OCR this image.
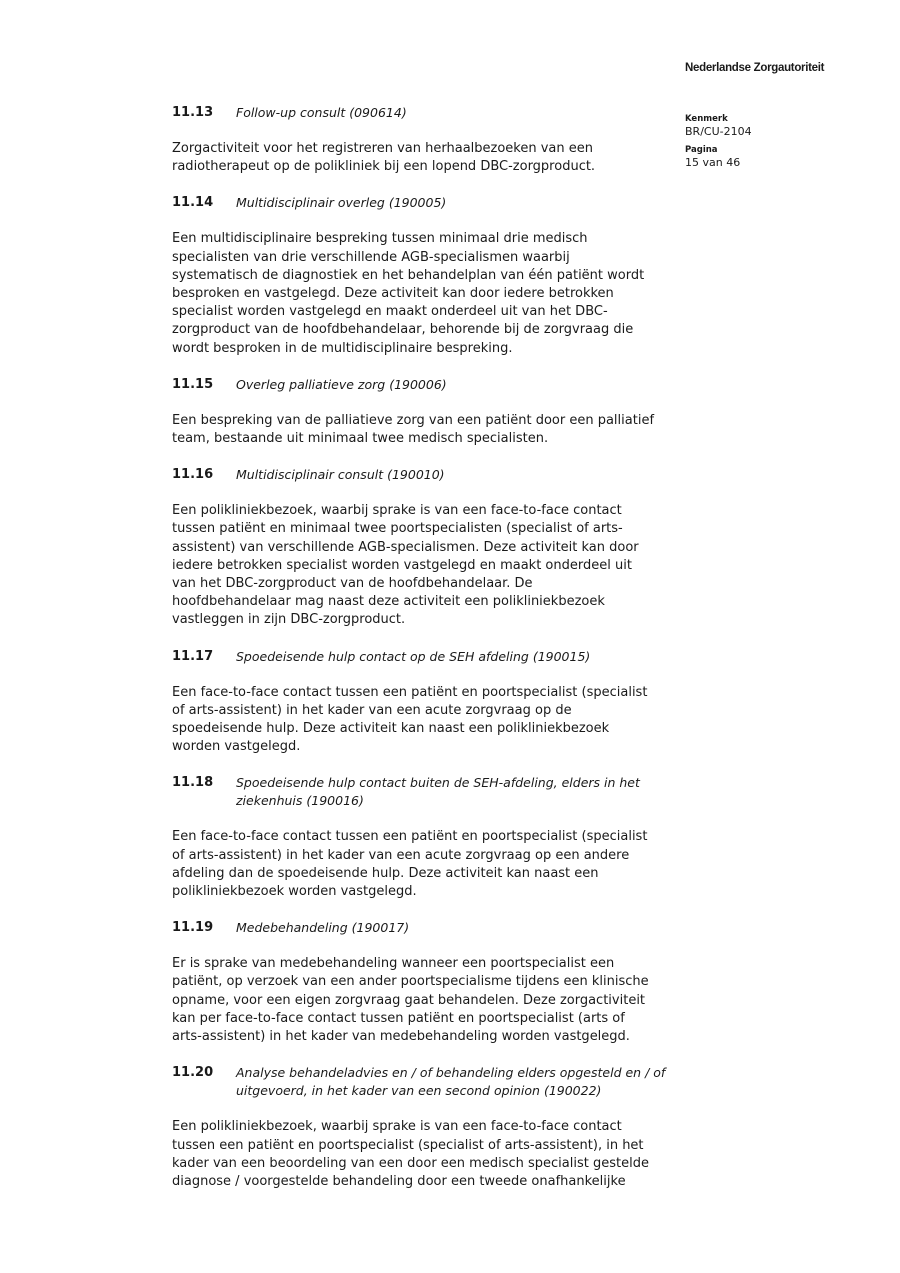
Nederlandse Zorgautoriteit
Kenmerk
BR/CU-2104
Pagina
15 van 46
11.13	Follow-up consult (090614)

Zorgactiviteit voor het registreren van herhaalbezoeken van een
radiotherapeut op de polikliniek bij een lopend DBC-zorgproduct.

11.14	Multidisciplinair overleg (190005)

Een multidisciplinaire bespreking tussen minimaal drie medisch
specialisten van drie verschillende AGB-specialismen waarbij
systematisch de diagnostiek en het behandelplan van één patiënt wordt
besproken en vastgelegd. Deze activiteit kan door iedere betrokken
specialist worden vastgelegd en maakt onderdeel uit van het DBC-
zorgproduct van de hoofdbehandelaar, behorende bij de zorgvraag die
wordt besproken in de multidisciplinaire bespreking.

11.15	Overleg palliatieve zorg (190006)

Een bespreking van de palliatieve zorg van een patiënt door een palliatief
team, bestaande uit minimaal twee medisch specialisten.

11.16	Multidisciplinair consult (190010)

Een polikliniekbezoek, waarbij sprake is van een face-to-face contact
tussen patiënt en minimaal twee poortspecialisten (specialist of arts-
assistent) van verschillende AGB-specialismen. Deze activiteit kan door
iedere betrokken specialist worden vastgelegd en maakt onderdeel uit
van het DBC-zorgproduct van de hoofdbehandelaar. De
hoofdbehandelaar mag naast deze activiteit een polikliniekbezoek
vastleggen in zijn DBC-zorgproduct.

11.17	Spoedeisende hulp contact op de SEH afdeling (190015)

Een face-to-face contact tussen een patiënt en poortspecialist (specialist
of arts-assistent) in het kader van een acute zorgvraag op de
spoedeisende hulp. Deze activiteit kan naast een polikliniekbezoek
worden vastgelegd.

11.18	Spoedeisende hulp contact buiten de SEH-afdeling, elders in het ziekenhuis (190016)

Een face-to-face contact tussen een patiënt en poortspecialist (specialist
of arts-assistent) in het kader van een acute zorgvraag op een andere
afdeling dan de spoedeisende hulp. Deze activiteit kan naast een
polikliniekbezoek worden vastgelegd.

11.19	Medebehandeling (190017)

Er is sprake van medebehandeling wanneer een poortspecialist een
patiënt, op verzoek van een ander poortspecialisme tijdens een klinische
opname, voor een eigen zorgvraag gaat behandelen. Deze zorgactiviteit
kan per face-to-face contact tussen patiënt en poortspecialist (arts of
arts-assistent) in het kader van medebehandeling worden vastgelegd.

11.20	Analyse behandeladvies en / of behandeling elders opgesteld en / of uitgevoerd, in het kader van een second opinion (190022)

Een polikliniekbezoek, waarbij sprake is van een face-to-face contact
tussen een patiënt en poortspecialist (specialist of arts-assistent), in het
kader van een beoordeling van een door een medisch specialist gestelde
diagnose / voorgestelde behandeling door een tweede onafhankelijke
